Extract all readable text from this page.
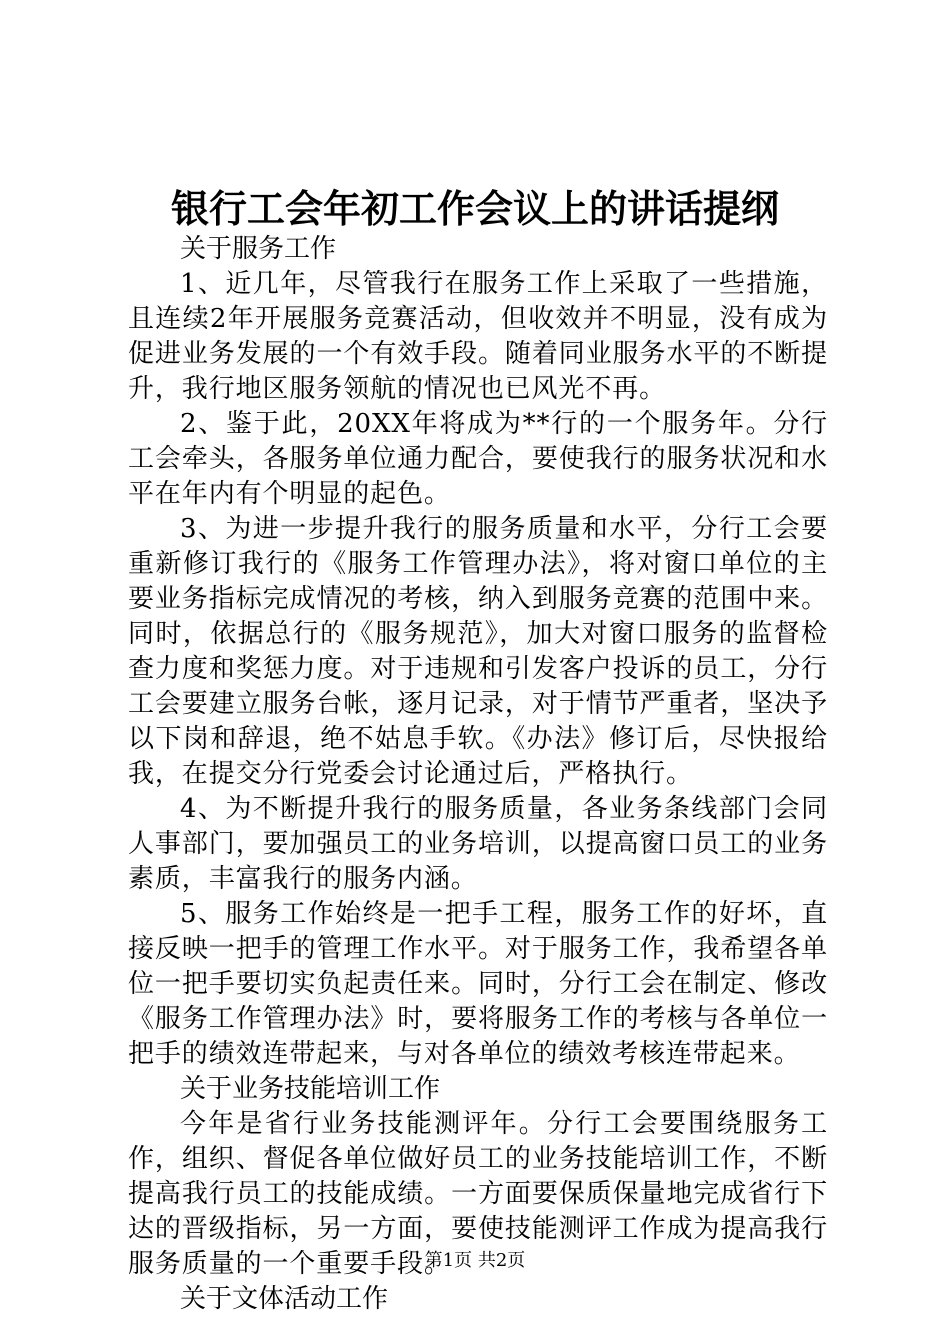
银行工会年初工作会议上的讲话提纲

关于服务工作

1、近几年，尽管我行在服务工作上采取了一些措施，且连续2年开展服务竞赛活动，但收效并不明显，没有成为促进业务发展的一个有效手段。随着同业服务水平的不断提升，我行地区服务领航的情况也已风光不再。

2、鉴于此，20XX年将成为**行的一个服务年。分行工会牵头，各服务单位通力配合，要使我行的服务状况和水平在年内有个明显的起色。

3、为进一步提升我行的服务质量和水平，分行工会要重新修订我行的《服务工作管理办法》，将对窗口单位的主要业务指标完成情况的考核，纳入到服务竞赛的范围中来。同时，依据总行的《服务规范》，加大对窗口服务的监督检查力度和奖惩力度。对于违规和引发客户投诉的员工，分行工会要建立服务台帐，逐月记录，对于情节严重者，坚决予以下岗和辞退，绝不姑息手软。《办法》修订后，尽快报给我，在提交分行党委会讨论通过后，严格执行。

4、为不断提升我行的服务质量，各业务条线部门会同人事部门，要加强员工的业务培训，以提高窗口员工的业务素质，丰富我行的服务内涵。

5、服务工作始终是一把手工程，服务工作的好坏，直接反映一把手的管理工作水平。对于服务工作，我希望各单位一把手要切实负起责任来。同时，分行工会在制定、修改《服务工作管理办法》时，要将服务工作的考核与各单位一把手的绩效连带起来，与对各单位的绩效考核连带起来。

关于业务技能培训工作

今年是省行业务技能测评年。分行工会要围绕服务工作，组织、督促各单位做好员工的业务技能培训工作，不断提高我行员工的技能成绩。一方面要保质保量地完成省行下达的晋级指标，另一方面，要使技能测评工作成为提高我行服务质量的一个重要手段。

关于文体活动工作

第1页 共2页
